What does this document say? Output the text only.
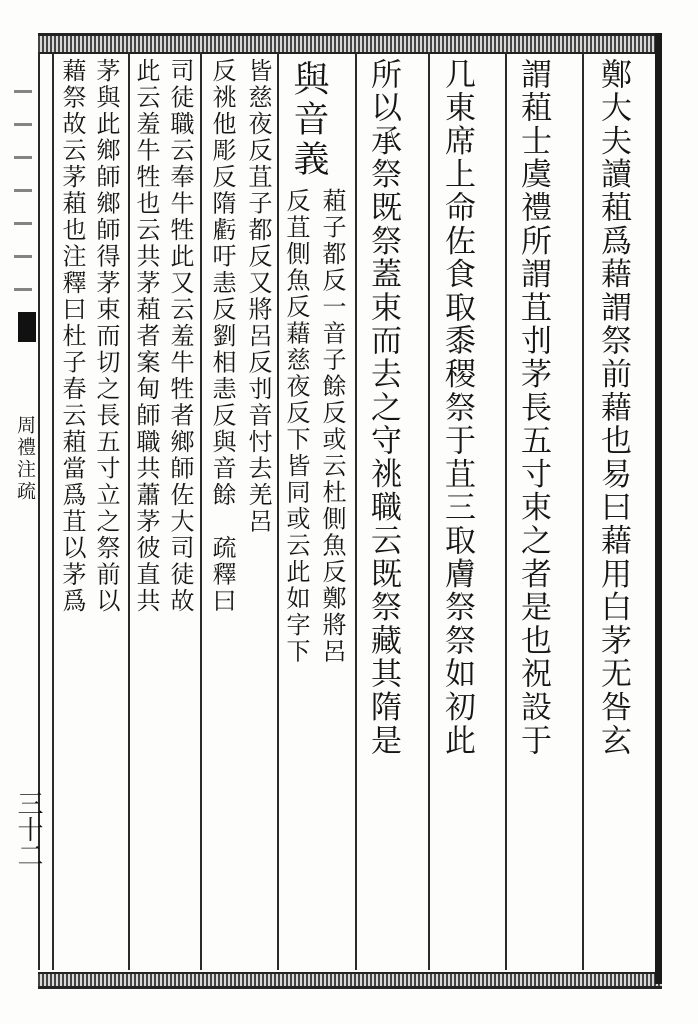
周禮注疏
三十二
鄭大夫讀蒩爲藉謂祭前藉也易曰藉用白茅无咎玄
謂蒩士虞禮所謂苴刌茅長五寸束之者是也祝設于
几東席上命佐食取黍稷祭于苴三取膚祭祭如初此
所以承祭既祭蓋束而去之守祧職云既祭藏其隋是
與音義
蒩子都反一音子餘反或云杜側魚反鄭將呂
反苴側魚反藉慈夜反下皆同或云此如字下
皆慈夜反苴子都反又將呂反刌音忖去羌呂
反祧他彫反隋虧吁恚反劉相恚反與音餘　疏釋曰
司徒職云奉牛牲此又云羞牛牲者鄉師佐大司徒故
此云羞牛牲也云共茅蒩者案甸師職共蕭茅彼直共
茅與此鄉師鄉師得茅束而切之長五寸立之祭前以
藉祭故云茅蒩也注釋曰杜子春云蒩當爲苴以茅爲
